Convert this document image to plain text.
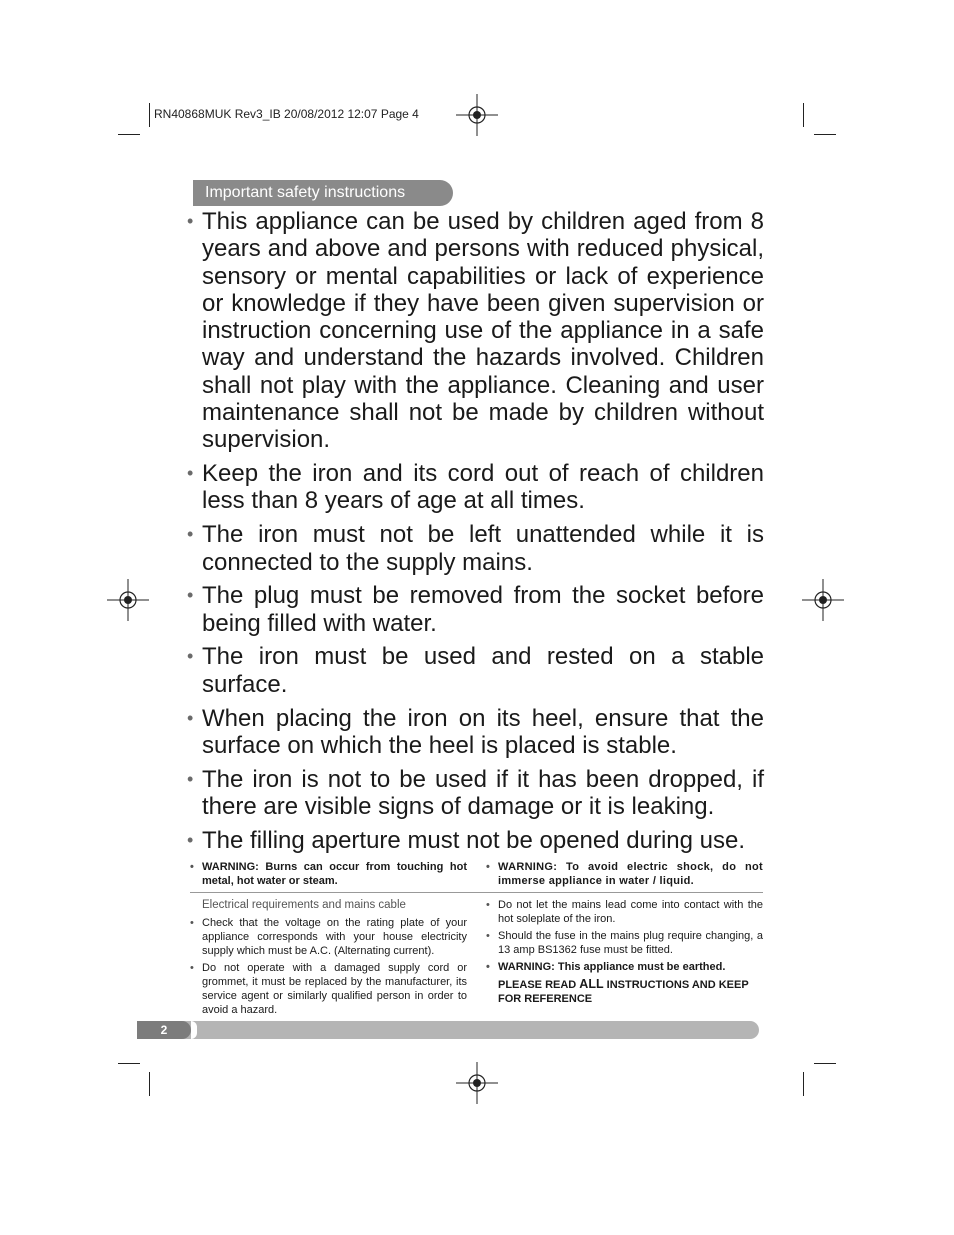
RN40868MUK Rev3_IB 20/08/2012 12:07 Page 4
Important safety instructions
• This appliance can be used by children aged from 8 years and above and persons with reduced physical, sensory or mental capabilities or lack of experience or knowledge if they have been given supervision or instruction concerning use of the appliance in a safe way and understand the hazards involved. Children shall not play with the appliance. Cleaning and user maintenance shall not be made by children without supervision.
• Keep the iron and its cord out of reach of children less than 8 years of age at all times.
• The iron must not be left unattended while it is connected to the supply mains.
• The plug must be removed from the socket before being filled with water.
• The iron must be used and rested on a stable surface.
• When placing the iron on its heel, ensure that the surface on which the heel is placed is stable.
• The iron is not to be used if it has been dropped, if there are visible signs of damage or it is leaking.
• The filling aperture must not be opened during use.
• WARNING: Burns can occur from touching hot metal, hot water or steam.
• WARNING: To avoid electric shock, do not immerse appliance in water / liquid.
Electrical requirements and mains cable
• Check that the voltage on the rating plate of your appliance corresponds with your house electricity supply which must be A.C. (Alternating current).
• Do not operate with a damaged supply cord or grommet, it must be replaced by the manufacturer, its service agent or similarly qualified person in order to avoid a hazard.
• Do not let the mains lead come into contact with the hot soleplate of the iron.
• Should the fuse in the mains plug require changing, a 13 amp BS1362 fuse must be fitted.
• WARNING: This appliance must be earthed.
PLEASE READ ALL INSTRUCTIONS AND KEEP FOR REFERENCE
2
